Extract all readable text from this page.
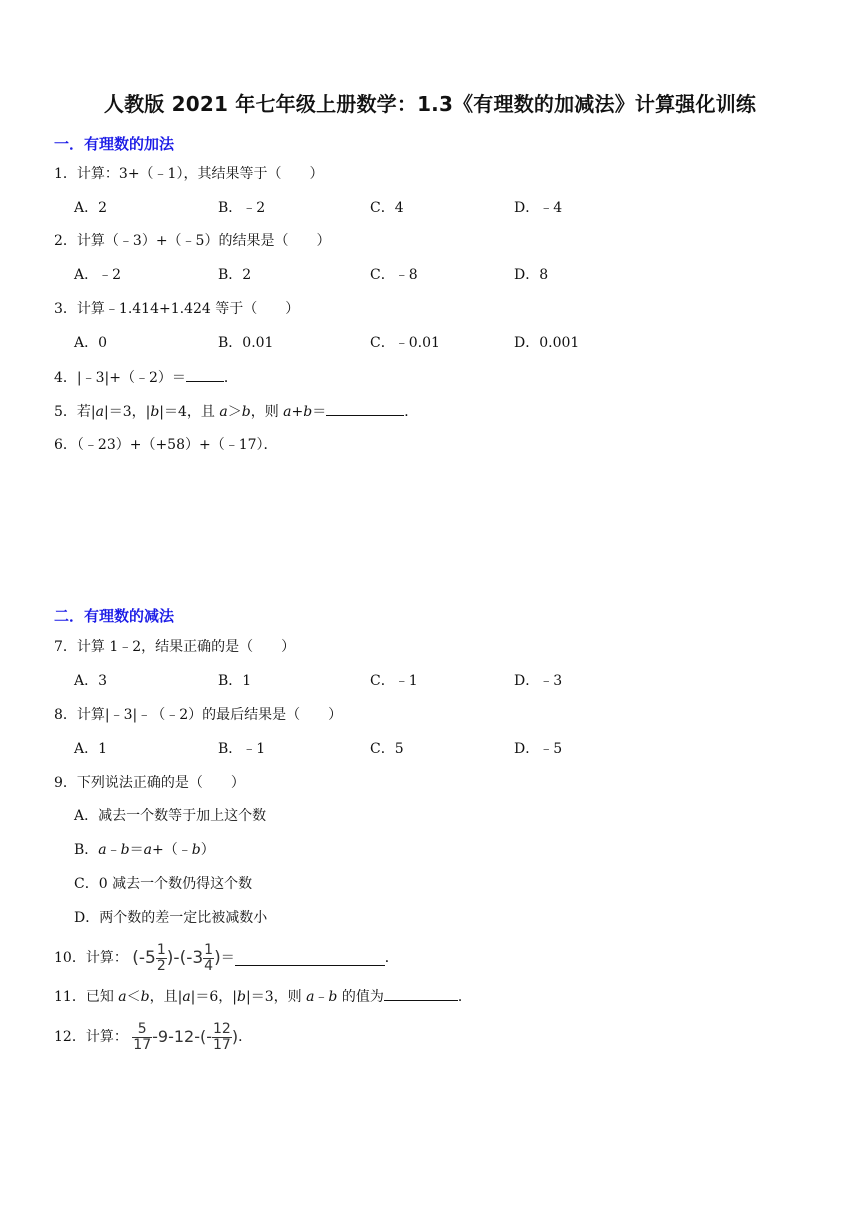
人教版 2021 年七年级上册数学：1.3《有理数的加减法》计算强化训练
一．有理数的加法
1．计算：3+（﹣1），其结果等于（　　）
A．2	B．﹣2	C．4	D．﹣4
2．计算（﹣3）+（﹣5）的结果是（　　）
A．﹣2	B．2	C．﹣8	D．8
3．计算﹣1.414+1.424 等于（　　）
A．0	B．0.01	C．﹣0.01	D．0.001
4．|﹣3|+（﹣2）＝	．
5．若|a|＝3，|b|＝4，且 a＞b，则 a+b＝	．
6．（﹣23）+（+58）+（﹣17）．
二．有理数的减法
7．计算 1﹣2，结果正确的是（　　）
A．3	B．1	C．﹣1	D．﹣3
8．计算|﹣3|﹣（﹣2）的最后结果是（　　）
A．1	B．﹣1	C．5	D．﹣5
9．下列说法正确的是（　　）
A．减去一个数等于加上这个数
B．a﹣b＝a+（﹣b）
C．0 减去一个数仍得这个数
D．两个数的差一定比被减数小
10．计算： $(-5 \frac{1}{2} )-(-3 \frac{1}{4}$ )＝	．
11．已知 a＜b，且|a|＝6，|b|＝3，则 a﹣b 的值为	．
12．计算： $\frac{5}{17} -9-12-(- \frac{12}{17}$ )．
